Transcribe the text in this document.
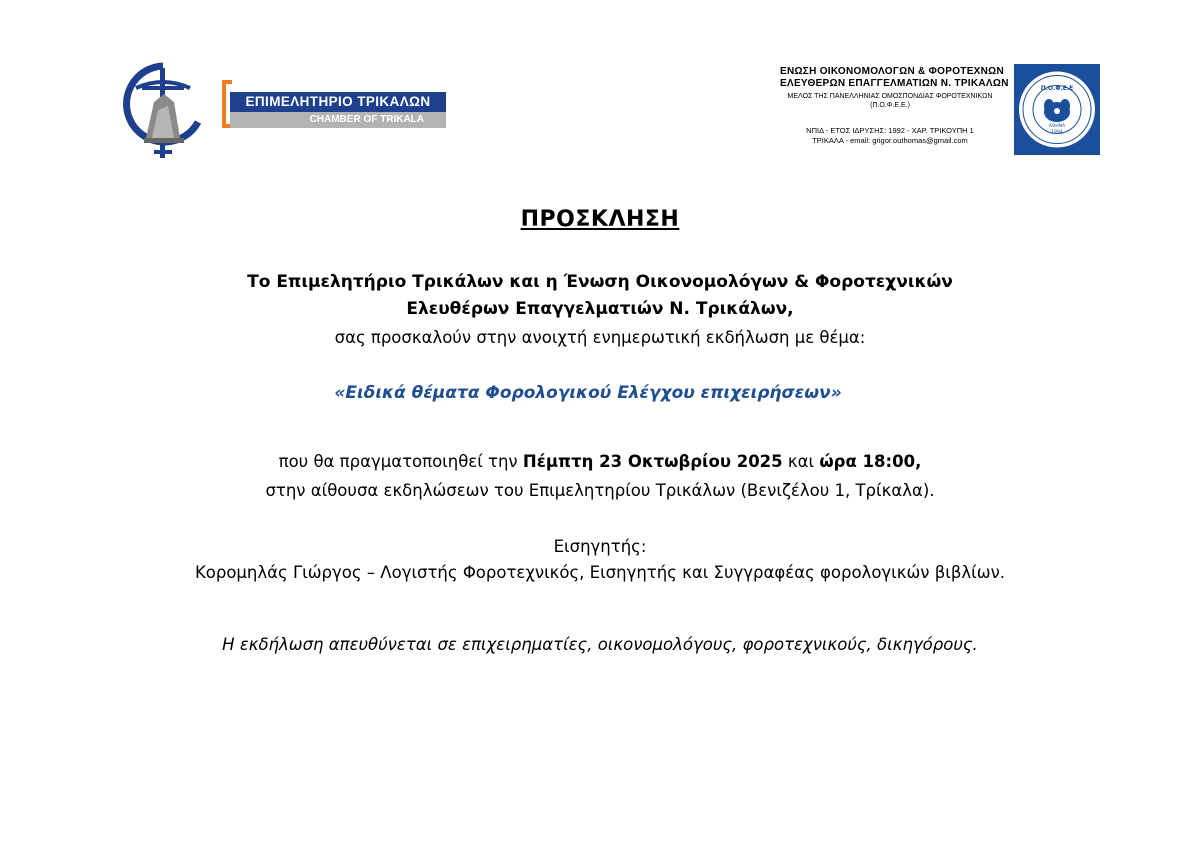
ΕΠΙΜΕΛΗΤΗΡΙΟ ΤΡΙΚΑΛΩΝ
CHAMBER OF TRIKALA
ΕΝΩΣΗ ΟΙΚΟΝΟΜΟΛΟΓΩΝ & ΦΟΡΟΤΕΧΝΩΝ
ΕΛΕΥΘΕΡΩΝ ΕΠΑΓΓΕΛΜΑΤΙΩΝ Ν. ΤΡΙΚΑΛΩΝ
ΜΕΛΟΣ ΤΗΣ ΠΑΝΕΛΛΗΝΙΑΣ ΟΜΟΣΠΟΝΔΙΑΣ ΦΟΡΟΤΕΧΝΙΚΩΝ
(Π.Ο.Φ.Ε.Ε.)
ΝΠΙΔ - ΕΤΟΣ ΙΔΡΥΣΗΣ: 1992 - ΧΑΡ. ΤΡΙΚΟΥΠΗ 1
ΤΡΙΚΑΛΑ - email: grigor.outhomas@gmail.com
Π.Ο.Φ.Ε.Ε
ΑΘΗΝΑ
1994
ΠΡΟΣΚΛΗΣΗ
Το Επιμελητήριο Τρικάλων και η Ένωση Οικονομολόγων & Φοροτεχνικών
Ελευθέρων Επαγγελματιών Ν. Τρικάλων,
σας προσκαλούν στην ανοιχτή ενημερωτική εκδήλωση με θέμα:
«Ειδικά θέματα Φορολογικού Ελέγχου επιχειρήσεων»
που θα πραγματοποιηθεί την Πέμπτη 23 Οκτωβρίου 2025 και ώρα 18:00,
στην αίθουσα εκδηλώσεων του Επιμελητηρίου Τρικάλων (Βενιζέλου 1, Τρίκαλα).
Εισηγητής:
Κορομηλάς Γιώργος – Λογιστής Φοροτεχνικός, Εισηγητής και Συγγραφέας φορολογικών βιβλίων.
Η εκδήλωση απευθύνεται σε επιχειρηματίες, οικονομολόγους, φοροτεχνικούς, δικηγόρους.
